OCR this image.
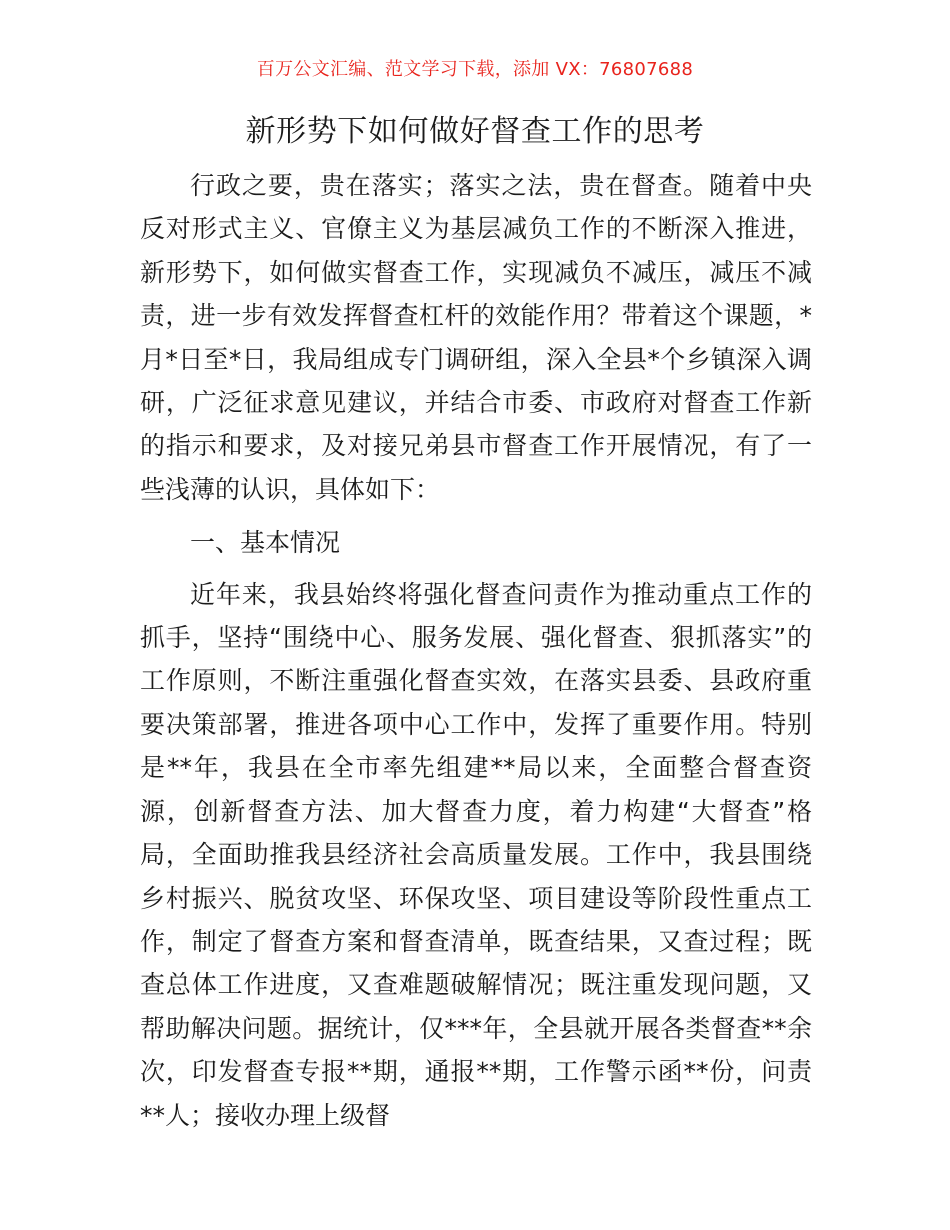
百万公文汇编、范文学习下载，添加 VX：76807688
新形势下如何做好督查工作的思考

行政之要，贵在落实；落实之法，贵在督查。随着中央反对形式主义、官僚主义为基层减负工作的不断深入推进，新形势下，如何做实督查工作，实现减负不减压，减压不减责，进一步有效发挥督查杠杆的效能作用？带着这个课题，*月*日至*日，我局组成专门调研组，深入全县*个乡镇深入调研，广泛征求意见建议，并结合市委、市政府对督查工作新的指示和要求，及对接兄弟县市督查工作开展情况，有了一些浅薄的认识，具体如下：

一、基本情况

近年来，我县始终将强化督查问责作为推动重点工作的抓手，坚持“围绕中心、服务发展、强化督查、狠抓落实”的工作原则，不断注重强化督查实效，在落实县委、县政府重要决策部署，推进各项中心工作中，发挥了重要作用。特别是**年，我县在全市率先组建**局以来，全面整合督查资源，创新督查方法、加大督查力度，着力构建“大督查”格局，全面助推我县经济社会高质量发展。工作中，我县围绕乡村振兴、脱贫攻坚、环保攻坚、项目建设等阶段性重点工作，制定了督查方案和督查清单，既查结果，又查过程；既查总体工作进度，又查难题破解情况；既注重发现问题，又帮助解决问题。据统计，仅***年，全县就开展各类督查**余次，印发督查专报**期，通报**期，工作警示函**份，问责**人；接收办理上级督
